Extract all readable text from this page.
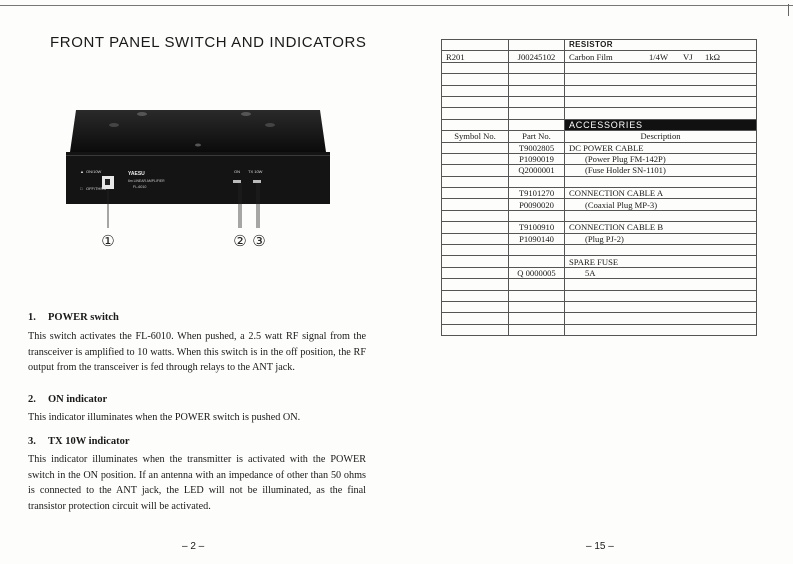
FRONT PANEL SWITCH AND INDICATORS
▲ ON/10W
□ OFF/THRU
YAESU
6m LINEAR AMPLIFIER
FL-6010
ON TX 10W
①	② ③
1. POWER switch
This switch activates the FL-6010. When pushed, a 2.5 watt RF signal from the transceiver is amplified to 10 watts. When this switch is in the off position, the RF output from the transceiver is fed through relays to the ANT jack.
2. ON indicator
This indicator illuminates when the POWER switch is pushed ON.
3. TX 10W indicator
This indicator illuminates when the transmitter is activated with the POWER switch in the ON position. If an antenna with an impedance of other than 50 ohms is connected to the ANT jack, the LED will not be illuminated, as the final transistor protection circuit will be activated.
– 2 –
		RESISTOR
R201	J00245102	Carbon Film 1/4W VJ 1kΩ

		ACCESSORIES
Symbol No.	Part No.	Description
	T9002805	DC POWER CABLE
	P1090019	(Power Plug FM-142P)
	Q2000001	(Fuse Holder SN-1101)

	T9101270	CONNECTION CABLE A
	P0090020	(Coaxial Plug MP-3)

	T9100910	CONNECTION CABLE B
	P1090140	(Plug PJ-2)

		SPARE FUSE
	Q 0000005	5A

– 15 –
